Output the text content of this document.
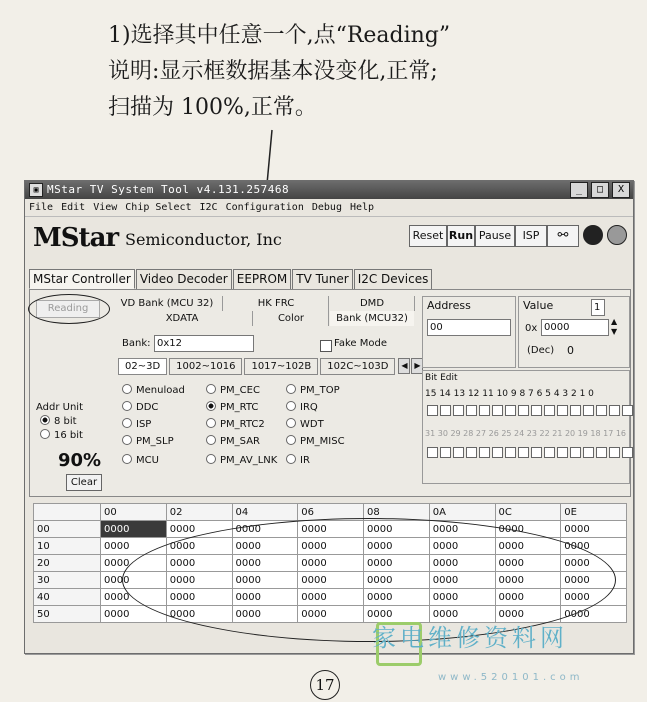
1)选择其中任意一个,点“Reading”
说明:显示框数据基本没变化,正常;
扫描为 100%,正常。
▣ MStar TV System Tool v4.131.257468	_	□	X
File Edit View Chip Select I2C Configuration Debug Help
MStar Semiconductor, Inc	Reset Run Pause	ISP	⚯
MStar Controller Video Decoder EEPROM TV Tuner I2C Devices
Reading	VD Bank (MCU 32)	HK FRC	DMD
XDATA	Color	Bank (MCU32)
Bank: 0x12	Fake Mode
02~3D	1002~1016	1017~102B	102C~103D	◀ ▶
Menuload	PM_CEC	PM_TOP
DDC	PM_RTC	IRQ
ISP	PM_RTC2	WDT
PM_SLP	PM_SAR	PM_MISC
MCU	PM_AV_LNK	IR
Addr Unit
8 bit
16 bit
90%
Clear
Address
00
Value	1
0x 0000
▲
▼
(Dec) 0
Bit Edit
15 14 13 12 11 10 9 8 7 6 5 4 3 2 1 0
31 30 29 28 27 26 25 24 23 22 21 20 19 18 17 16
	00	02	04	06	08	0A	0C	0E
00	0000	0000	0000	0000	0000	0000	0000	0000
10	0000	0000	0000	0000	0000	0000	0000	0000
20	0000	0000	0000	0000	0000	0000	0000	0000
30	0000	0000	0000	0000	0000	0000	0000	0000
40	0000	0000	0000	0000	0000	0000	0000	0000
50	0000	0000	0000	0000	0000	0000	0000	0000
家电维修资料网
www.520101.com
17
